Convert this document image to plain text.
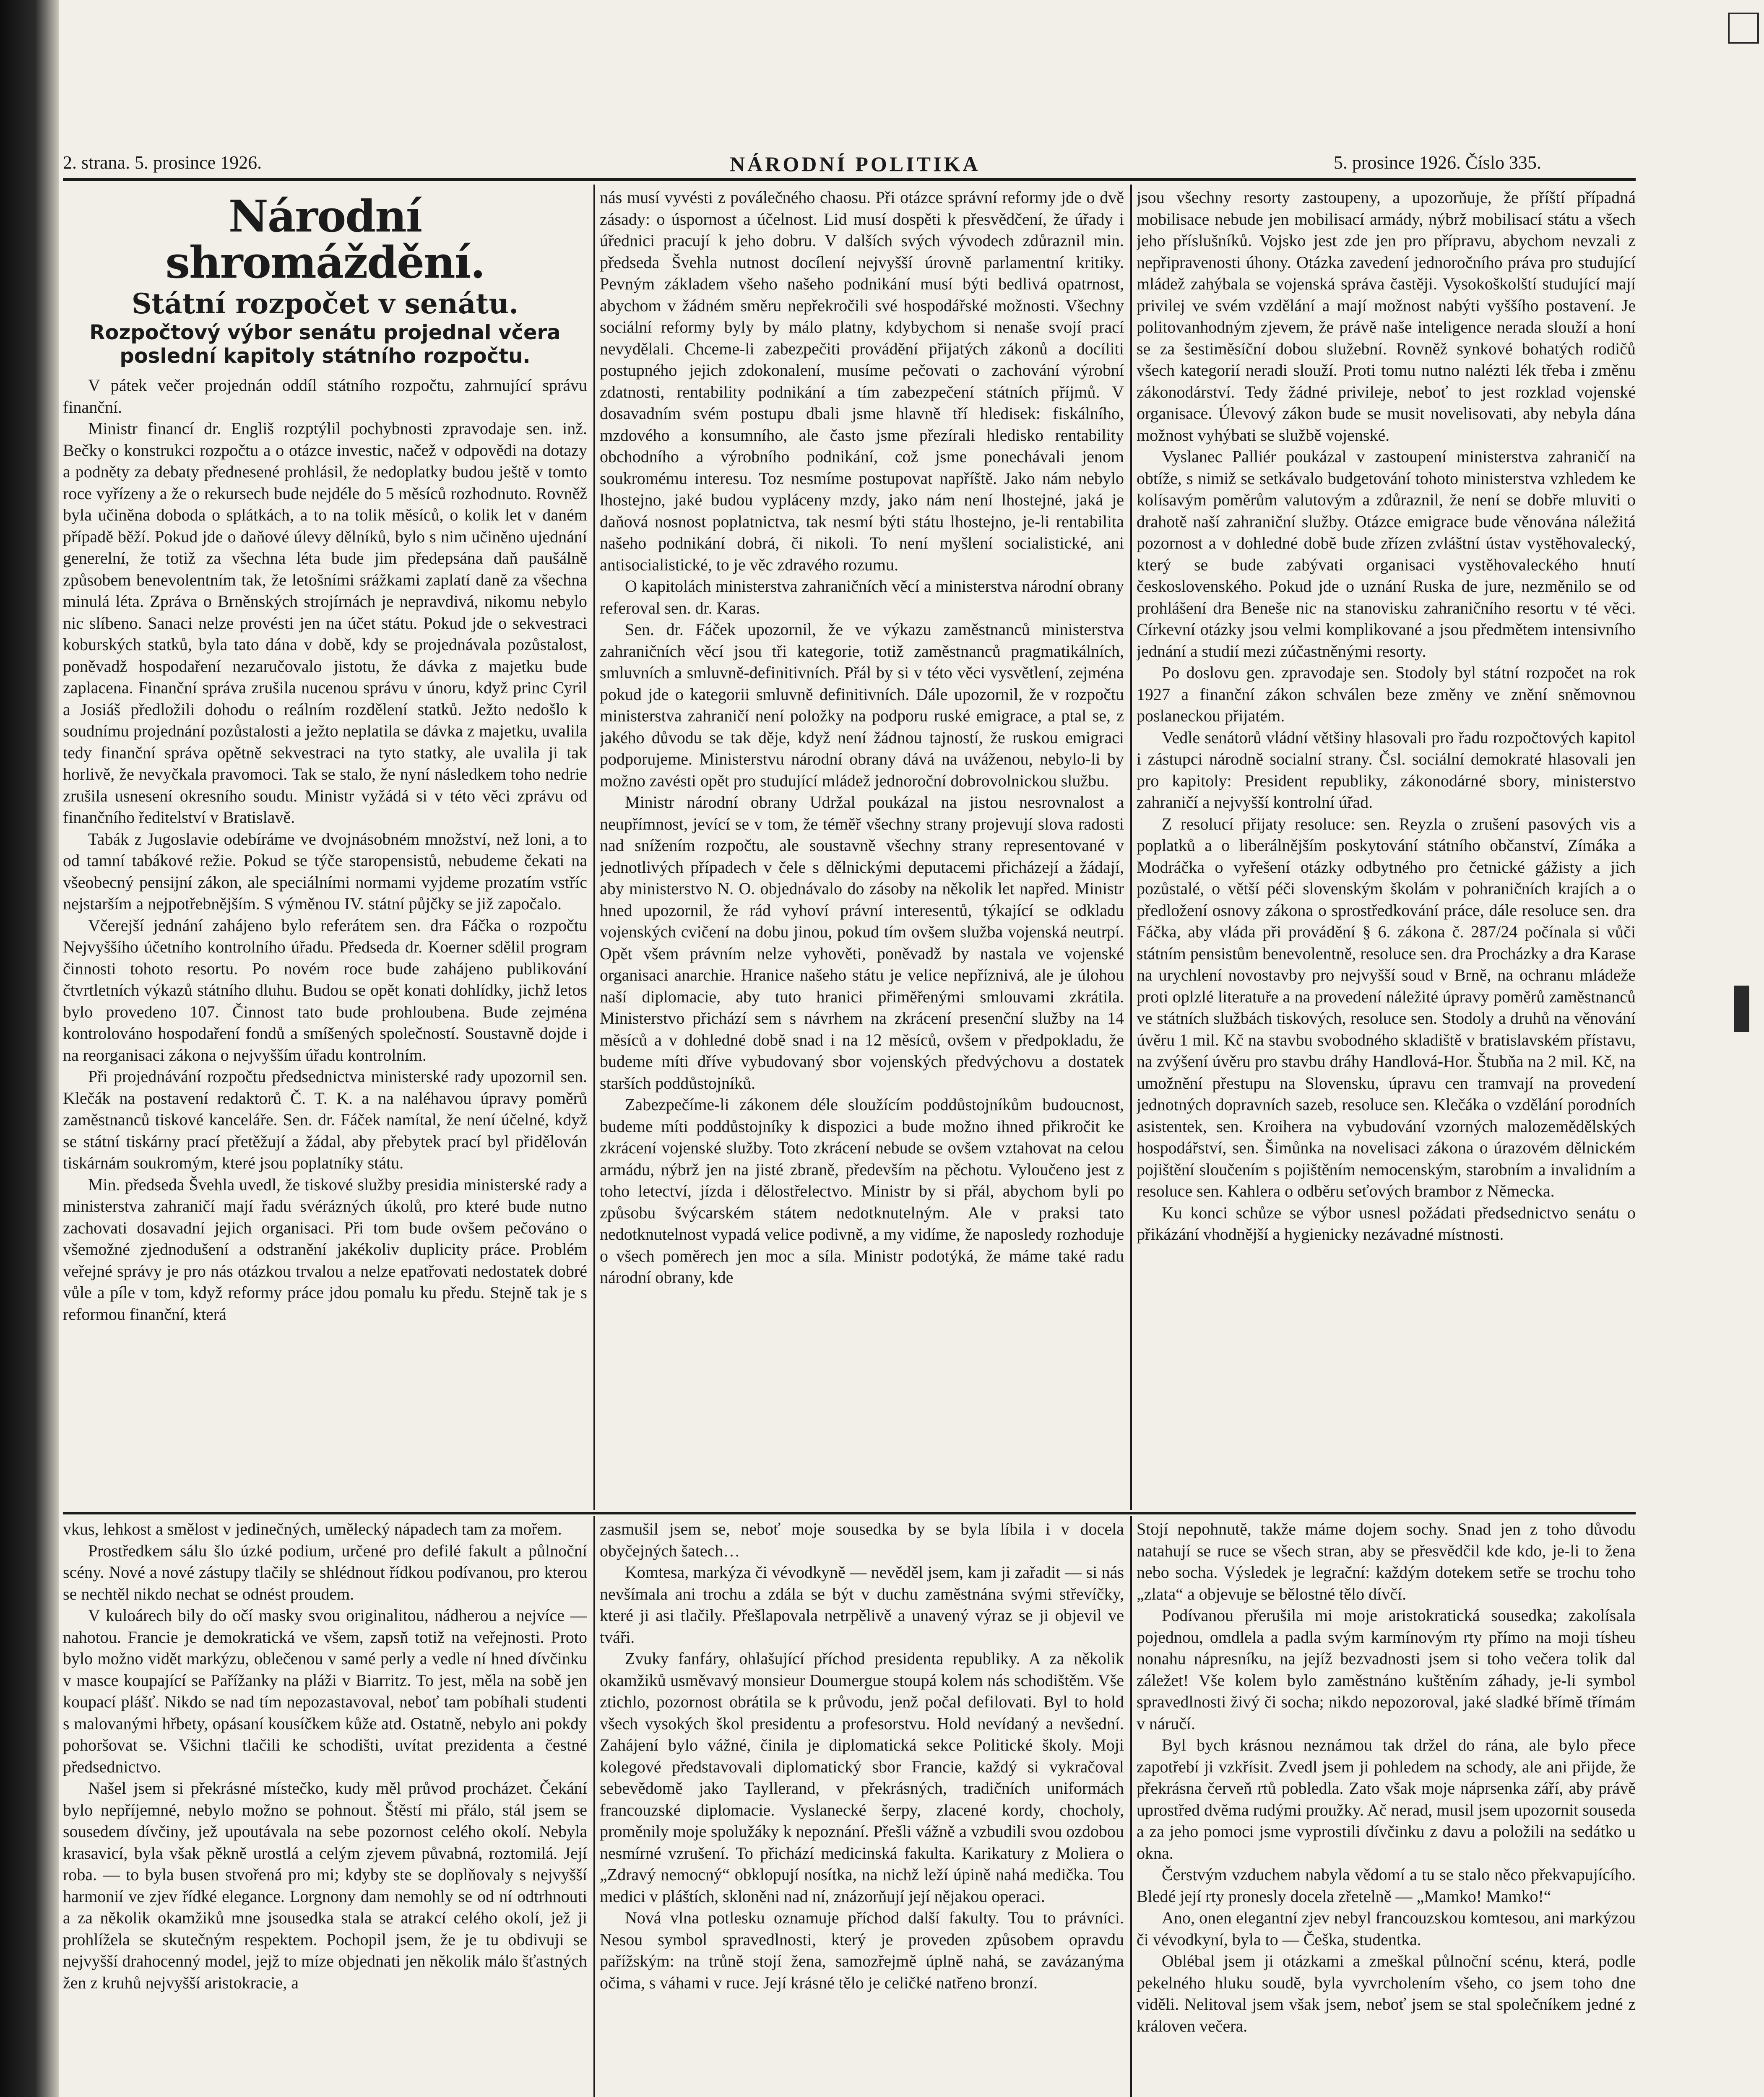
2. strana. 5. prosince 1926.	NÁRODNÍ POLITIKA	5. prosince 1926. Číslo 335.
Národní shromáždění.
Státní rozpočet v senátu.
Rozpočtový výbor senátu projednal včera poslední kapitoly státního rozpočtu.

V pátek večer projednán oddíl státního rozpočtu, zahrnující správu finanční.

Ministr financí dr. Engliš rozptýlil pochybnosti zpravodaje sen. inž. Bečky o konstrukci rozpočtu a o otázce investic, načež v odpovědi na dotazy a podněty za debaty přednesené prohlásil, že nedoplatky budou ještě v tomto roce vyřízeny a že o rekursech bude nejdéle do 5 měsíců rozhodnuto. Rovněž byla učiněna doboda o splátkách, a to na tolik měsíců, o kolik let v daném případě běží. Pokud jde o daňové úlevy dělníků, bylo s nim učiněno ujednání generelní, že totiž za všechna léta bude jim předepsána daň paušálně způsobem benevolentním tak, že letošními srážkami zaplatí daně za všechna minulá léta. Zpráva o Brněnských strojírnách je nepravdivá, nikomu nebylo nic slíbeno. Sanaci nelze provésti jen na účet státu. Pokud jde o sekvestraci koburských statků, byla tato dána v době, kdy se projednávala pozůstalost, poněvadž hospodaření nezaručovalo jistotu, že dávka z majetku bude zaplacena. Finanční správa zrušila nucenou správu v únoru, když princ Cyril a Josiáš předložili dohodu o reálním rozdělení statků. Ježto nedošlo k soudnímu projednání pozůstalosti a ježto neplatila se dávka z majetku, uvalila tedy finanční správa opětně sekvestraci na tyto statky, ale uvalila ji tak horlivě, že nevyčkala pravomoci. Tak se stalo, že nyní následkem toho nedrie zrušila usnesení okresního soudu. Ministr vyžádá si v této věci zprávu od finančního ředitelství v Bratislavě.

Tabák z Jugoslavie odebíráme ve dvojnásobném množství, než loni, a to od tamní tabákové režie. Pokud se týče staropensistů, nebudeme čekati na všeobecný pensijní zákon, ale speciálními normami vyjdeme prozatím vstříc nejstarším a nejpotřebnějším. S výměnou IV. státní půjčky se již započalo.

Včerejší jednání zahájeno bylo referátem sen. dra Fáčka o rozpočtu Nejvyššího účetního kontrolního úřadu. Předseda dr. Koerner sdělil program činnosti tohoto resortu. Po novém roce bude zahájeno publikování čtvrtletních výkazů státního dluhu. Budou se opět konati dohlídky, jichž letos bylo provedeno 107. Činnost tato bude prohloubena. Bude zejména kontrolováno hospodaření fondů a smíšených společností. Soustavně dojde i na reorganisaci zákona o nejvyšším úřadu kontrolním.

Při projednávání rozpočtu předsednictva ministerské rady upozornil sen. Klečák na postavení redaktorů Č. T. K. a na naléhavou úpravy poměrů zaměstnanců tiskové kanceláře. Sen. dr. Fáček namítal, že není účelné, když se státní tiskárny prací přetěžují a žádal, aby přebytek prací byl přidělován tiskárnám soukromým, které jsou poplatníky státu.

Min. předseda Švehla uvedl, že tiskové služby presidia ministerské rady a ministerstva zahraničí mají řadu svérázných úkolů, pro které bude nutno zachovati dosavadní jejich organisaci. Při tom bude ovšem pečováno o všemožné zjednodušení a odstranění jakékoliv duplicity práce. Problém veřejné správy je pro nás otázkou trvalou a nelze epatřovati nedostatek dobré vůle a píle v tom, když reformy práce jdou pomalu ku předu. Stejně tak je s reformou finanční, která

nás musí vyvésti z poválečného chaosu. Při otázce správní reformy jde o dvě zásady: o úspornost a účelnost. Lid musí dospěti k přesvědčení, že úřady i úřednici pracují k jeho dobru. V dalších svých vývodech zdůraznil min. předseda Švehla nutnost docílení nejvyšší úrovně parlamentní kritiky. Pevným základem všeho našeho podnikání musí býti bedlivá opatrnost, abychom v žádném směru nepřekročili své hospodářské možnosti. Všechny sociální reformy byly by málo platny, kdybychom si nenaše svojí prací nevydělali. Chceme-li zabezpečiti provádění přijatých zákonů a docíliti postupného jejich zdokonalení, musíme pečovati o zachování výrobní zdatnosti, rentability podnikání a tím zabezpečení státních příjmů. V dosavadním svém postupu dbali jsme hlavně tří hledisek: fiskálního, mzdového a konsumního, ale často jsme přezírali hledisko rentability obchodního a výrobního podnikání, což jsme ponechávali jenom soukromému interesu. Toz nesmíme postupovat napříště. Jako nám nebylo lhostejno, jaké budou vypláceny mzdy, jako nám není lhostejné, jaká je daňová nosnost poplatnictva, tak nesmí býti státu lhostejno, je-li rentabilita našeho podnikání dobrá, či nikoli. To není myšlení socialistické, ani antisocialistické, to je věc zdravého rozumu.

O kapitolách ministerstva zahraničních věcí a ministerstva národní obrany referoval sen. dr. Karas.

Sen. dr. Fáček upozornil, že ve výkazu zaměstnanců ministerstva zahraničních věcí jsou tři kategorie, totiž zaměstnanců pragmatikálních, smluvních a smluvně-definitivních. Přál by si v této věci vysvětlení, zejména pokud jde o kategorii smluvně definitivních. Dále upozornil, že v rozpočtu ministerstva zahraničí není položky na podporu ruské emigrace, a ptal se, z jakého důvodu se tak děje, když není žádnou tajností, že ruskou emigraci podporujeme. Ministerstvu národní obrany dává na uváženou, nebylo-li by možno zavésti opět pro studující mládež jednoroční dobrovolnickou službu.

Ministr národní obrany Udržal poukázal na jistou nesrovnalost a neupřímnost, jevící se v tom, že téměř všechny strany projevují slova radosti nad snížením rozpočtu, ale soustavně všechny strany representované v jednotlivých případech v čele s dělnickými deputacemi přicházejí a žádají, aby ministerstvo N. O. objednávalo do zásoby na několik let napřed. Ministr hned upozornil, že rád vyhoví právní interesentů, týkající se odkladu vojenských cvičení na dobu jinou, pokud tím ovšem služba vojenská neutrpí. Opět všem právním nelze vyhověti, poněvadž by nastala ve vojenské organisaci anarchie. Hranice našeho státu je velice nepříznivá, ale je úlohou naší diplomacie, aby tuto hranici přiměřenými smlouvami zkrátila. Ministerstvo přichází sem s návrhem na zkrácení presenční služby na 14 měsíců a v dohledné době snad i na 12 měsíců, ovšem v předpokladu, že budeme míti dříve vybudovaný sbor vojenských předvýchovu a dostatek starších poddůstojníků.

Zabezpečíme-li zákonem déle sloužícím poddůstojníkům budoucnost, budeme míti poddůstojníky k dispozici a bude možno ihned přikročit ke zkrácení vojenské služby. Toto zkrácení nebude se ovšem vztahovat na celou armádu, nýbrž jen na jisté zbraně, především na pěchotu. Vyloučeno jest z toho letectví, jízda i dělostřelectvo. Ministr by si přál, abychom byli po způsobu švýcarském státem nedotknutelným. Ale v praksi tato nedotknutelnost vypadá velice podivně, a my vidíme, že naposledy rozhoduje o všech poměrech jen moc a síla. Ministr podotýká, že máme také radu národní obrany, kde

jsou všechny resorty zastoupeny, a upozorňuje, že příští případná mobilisace nebude jen mobilisací armády, nýbrž mobilisací státu a všech jeho příslušníků. Vojsko jest zde jen pro přípravu, abychom nevzali z nepřipravenosti úhony. Otázka zavedení jednoročního práva pro studující mládež zahýbala se vojenská správa častěji. Vysokoškolští studující mají privilej ve svém vzdělání a mají možnost nabýti vyššího postavení. Je politovanhodným zjevem, že právě naše inteligence nerada slouží a honí se za šestiměsíční dobou služební. Rovněž synkové bohatých rodičů všech kategorií neradi slouží. Proti tomu nutno nalézti lék třeba i změnu zákonodárství. Tedy žádné privileje, neboť to jest rozklad vojenské organisace. Úlevový zákon bude se musit novelisovati, aby nebyla dána možnost vyhýbati se službě vojenské.

Vyslanec Palliér poukázal v zastoupení ministerstva zahraničí na obtíže, s nimiž se setkávalo budgetování tohoto ministerstva vzhledem ke kolísavým poměrům valutovým a zdůraznil, že není se dobře mluviti o drahotě naší zahraniční služby. Otázce emigrace bude věnována náležitá pozornost a v dohledné době bude zřízen zvláštní ústav vystěhovalecký, který se bude zabývati organisaci vystěhovaleckého hnutí československého. Pokud jde o uznání Ruska de jure, nezměnilo se od prohlášení dra Beneše nic na stanovisku zahraničního resortu v té věci. Církevní otázky jsou velmi komplikované a jsou předmětem intensivního jednání a studií mezi zúčastněnými resorty.

Po doslovu gen. zpravodaje sen. Stodoly byl státní rozpočet na rok 1927 a finanční zákon schválen beze změny ve znění sněmovnou poslaneckou přijatém.

Vedle senátorů vládní většiny hlasovali pro řadu rozpočtových kapitol i zástupci národně socialní strany. Čsl. sociální demokraté hlasovali jen pro kapitoly: President republiky, zákonodárné sbory, ministerstvo zahraničí a nejvyšší kontrolní úřad.

Z resolucí přijaty resoluce: sen. Reyzla o zrušení pasových vis a poplatků a o liberálnějším poskytování státního občanství, Zímáka a Modráčka o vyřešení otázky odbytného pro četnické gážisty a jich pozůstalé, o větší péči slovenským školám v pohraničních krajích a o předložení osnovy zákona o sprostředkování práce, dále resoluce sen. dra Fáčka, aby vláda při provádění § 6. zákona č. 287/24 počínala si vůči státním pensistům benevolentně, resoluce sen. dra Procházky a dra Karase na urychlení novostavby pro nejvyšší soud v Brně, na ochranu mládeže proti oplzlé literatuře a na provedení náležité úpravy poměrů zaměstnanců ve státních službách tiskových, resoluce sen. Stodoly a druhů na věnování úvěru 1 mil. Kč na stavbu svobodného skladiště v bratislavském přístavu, na zvýšení úvěru pro stavbu dráhy Handlová-Hor. Štubňa na 2 mil. Kč, na umožnění přestupu na Slovensku, úpravu cen tramvají na provedení jednotných dopravních sazeb, resoluce sen. Klečáka o vzdělání porodních asistentek, sen. Kroihera na vybudování vzorných malozemědělských hospodářství, sen. Šimůnka na novelisaci zákona o úrazovém dělnickém pojištění sloučením s pojištěním nemocenským, starobním a invalidním a resoluce sen. Kahlera o odběru seťových brambor z Německa.

Ku konci schůze se výbor usnesl požádati předsednictvo senátu o přikázání vhodnější a hygienicky nezávadné místnosti.

vkus, lehkost a smělost v jedinečných, umělecký nápadech tam za mořem.

Prostředkem sálu šlo úzké podium, určené pro defilé fakult a půlnoční scény. Nové a nové zástupy tlačily se shlédnout řídkou podívanou, pro kterou se nechtěl nikdo nechat se odnést proudem.

V kuloárech bily do očí masky svou originalitou, nádherou a nejvíce — nahotou. Francie je demokratická ve všem, zapsň totiž na veřejnosti. Proto bylo možno vidět markýzu, oblečenou v samé perly a vedle ní hned dívčinku v masce koupající se Pařížanky na pláži v Biarritz. To jest, měla na sobě jen koupací plášť. Nikdo se nad tím nepozastavoval, neboť tam pobíhali studenti s malovanými hřbety, opásaní kousíčkem kůže atd. Ostatně, nebylo ani pokdy pohoršovat se. Všichni tlačili ke schodišti, uvítat prezidenta a čestné předsednictvo.

Našel jsem si překrásné místečko, kudy měl průvod procházet. Čekání bylo nepříjemné, nebylo možno se pohnout. Štěstí mi přálo, stál jsem se sousedem dívčiny, jež upoutávala na sebe pozornost celého okolí. Nebyla krasavicí, byla však pěkně urostlá a celým zjevem půvabná, roztomilá. Její roba. — to byla busen stvořená pro mi; kdyby ste se doplňovaly s nejvyšší harmonií ve zjev řídké elegance. Lorgnony dam nemohly se od ní odtrhnouti a za několik okamžiků mne jsousedka stala se atrakcí celého okolí, jež ji prohlížela se skutečným respektem. Pochopil jsem, že je tu obdivuji se nejvyšší drahocenný model, jejž to míze objednati jen několik málo šťastných žen z kruhů nejvyšší aristokracie, a

zasmušil jsem se, neboť moje sousedka by se byla líbila i v docela obyčejných šatech…

Komtesa, markýza či vévodkyně — nevěděl jsem, kam ji zařadit — si nás nevšímala ani trochu a zdála se být v duchu zaměstnána svými střevíčky, které ji asi tlačily. Přešlapovala netrpělivě a unavený výraz se ji objevil ve tváři.

Zvuky fanfáry, ohlašující příchod presidenta republiky. A za několik okamžiků usměvavý monsieur Doumergue stoupá kolem nás schodištěm. Vše ztichlo, pozornost obrátila se k průvodu, jenž počal defilovati. Byl to hold všech vysokých škol presidentu a profesorstvu. Hold nevídaný a nevšední. Zahájení bylo vážné, činila je diplomatická sekce Politické školy. Moji kolegové představovali diplomatický sbor Francie, každý si vykračoval sebevědomě jako Tayllerand, v překrásných, tradičních uniformách francouzské diplomacie. Vyslanecké šerpy, zlacené kordy, chocholy, proměnily moje spolužáky k nepoznání. Přešli vážně a vzbudili svou ozdobou nesmírné vzrušení. To přichází medicinská fakulta. Karikatury z Moliera o „Zdravý nemocný“ obklopují nosítka, na nichž leží úpině nahá medička. Tou medici v pláštích, skloněni nad ní, znázorňují její nějakou operaci.

Nová vlna potlesku oznamuje příchod další fakulty. Tou to právníci. Nesou symbol spravedlnosti, který je proveden způsobem opravdu pařížským: na trůně stojí žena, samozřejmě úplně nahá, se zavázanýma očima, s váhami v ruce. Její krásné tělo je celičké natřeno bronzí.

Stojí nepohnutě, takže máme dojem sochy. Snad jen z toho důvodu natahují se ruce se všech stran, aby se přesvědčil kde kdo, je-li to žena nebo socha. Výsledek je legrační: každým dotekem setře se trochu toho „zlata“ a objevuje se bělostné tělo dívčí.

Podívanou přerušila mi moje aristokratická sousedka; zakolísala pojednou, omdlela a padla svým karmínovým rty přímo na moji tísheu nonahu nápresníku, na jejíž bezvadnosti jsem si toho večera tolik dal záležet! Vše kolem bylo zaměstnáno kuštěním záhady, je-li symbol spravedlnosti živý či socha; nikdo nepozoroval, jaké sladké břímě třímám v náručí.

Byl bych krásnou neznámou tak držel do rána, ale bylo přece zapotřebí ji vzkřísit. Zvedl jsem ji pohledem na schody, ale ani přijde, že překrásna červeň rtů pobledla. Zato však moje náprsenka září, aby právě uprostřed dvěma rudými proužky. Ač nerad, musil jsem upozornit souseda a za jeho pomoci jsme vyprostili dívčinku z davu a položili na sedátko u okna.

Čerstvým vzduchem nabyla vědomí a tu se stalo něco překvapujícího. Bledé její rty pronesly docela zřetelně — „Mamko! Mamko!“

Ano, onen elegantní zjev nebyl francouzskou komtesou, ani markýzou či vévodkyní, byla to — Češka, studentka.

Oblébal jsem ji otázkami a zmeškal půlnoční scénu, která, podle pekelného hluku soudě, byla vyvrcholením všeho, co jsem toho dne viděli. Nelitoval jsem však jsem, neboť jsem se stal společníkem jedné z královen večera.
